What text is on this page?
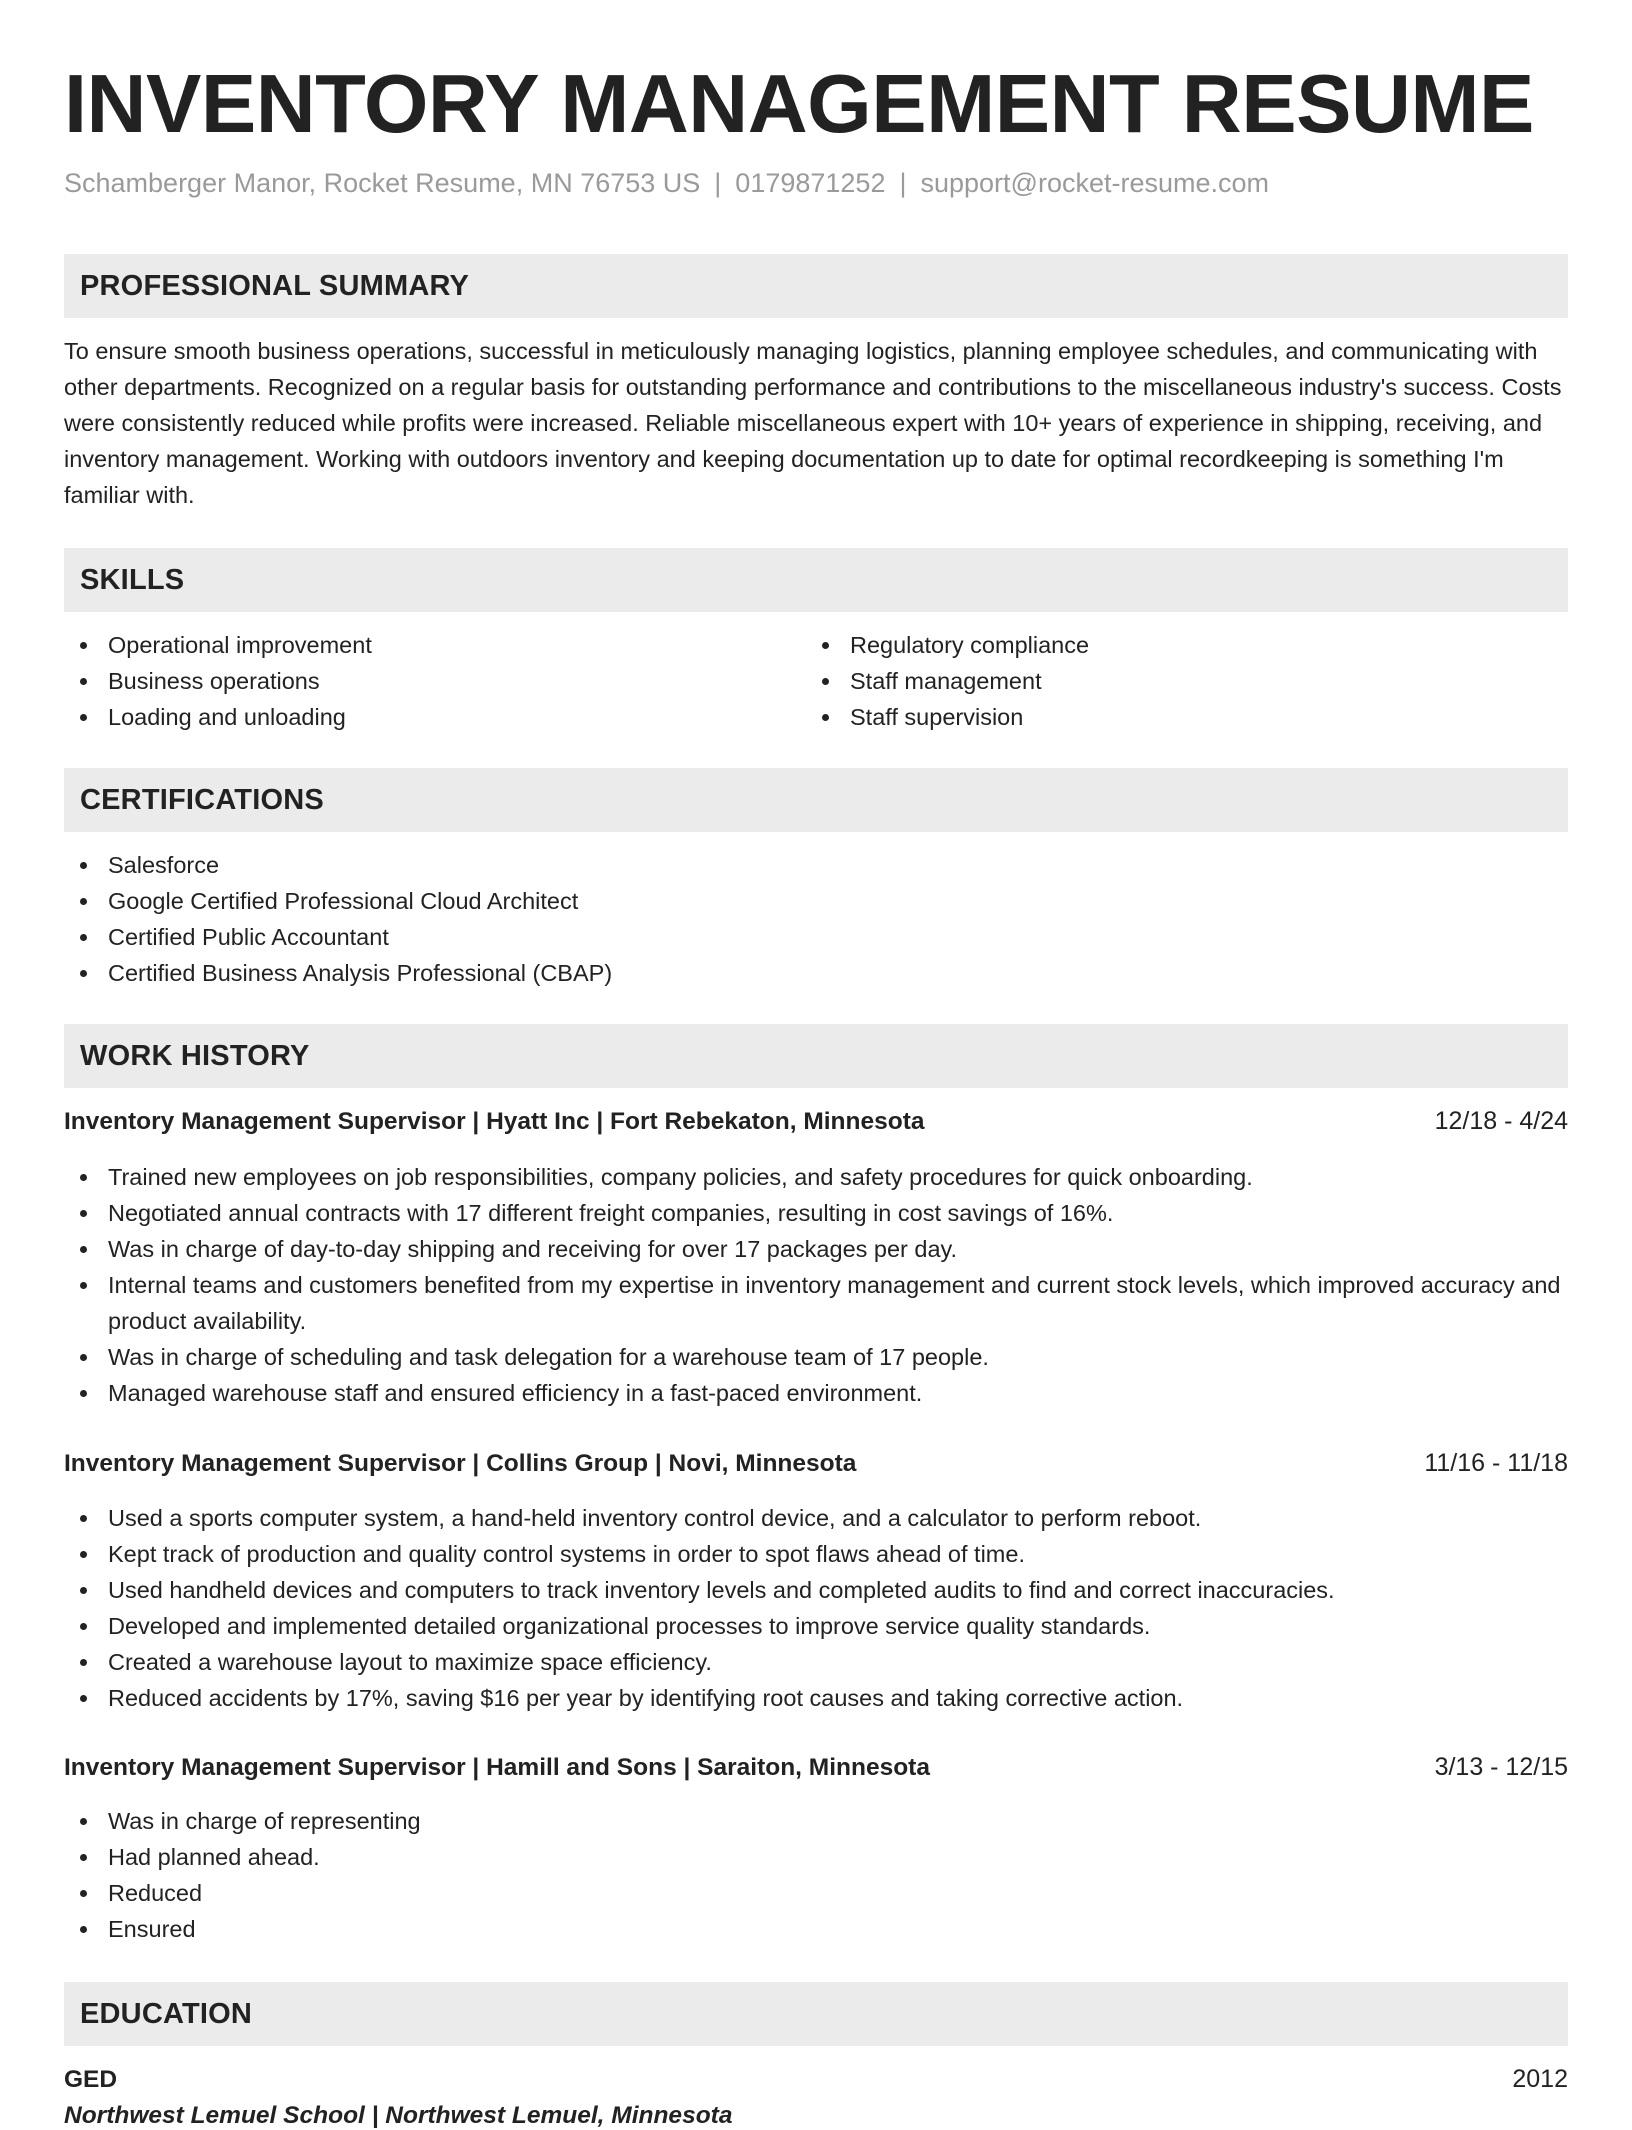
INVENTORY MANAGEMENT RESUME
Schamberger Manor, Rocket Resume, MN 76753 US | 0179871252 | support@rocket-resume.com
PROFESSIONAL SUMMARY
To ensure smooth business operations, successful in meticulously managing logistics, planning employee schedules, and communicating with other departments. Recognized on a regular basis for outstanding performance and contributions to the miscellaneous industry's success. Costs were consistently reduced while profits were increased. Reliable miscellaneous expert with 10+ years of experience in shipping, receiving, and inventory management. Working with outdoors inventory and keeping documentation up to date for optimal recordkeeping is something I'm familiar with.
SKILLS
Operational improvement
Business operations
Loading and unloading
Regulatory compliance
Staff management
Staff supervision
CERTIFICATIONS
Salesforce
Google Certified Professional Cloud Architect
Certified Public Accountant
Certified Business Analysis Professional (CBAP)
WORK HISTORY
Inventory Management Supervisor | Hyatt Inc | Fort Rebekaton, Minnesota	12/18 - 4/24
Trained new employees on job responsibilities, company policies, and safety procedures for quick onboarding.
Negotiated annual contracts with 17 different freight companies, resulting in cost savings of 16%.
Was in charge of day-to-day shipping and receiving for over 17 packages per day.
Internal teams and customers benefited from my expertise in inventory management and current stock levels, which improved accuracy and product availability.
Was in charge of scheduling and task delegation for a warehouse team of 17 people.
Managed warehouse staff and ensured efficiency in a fast-paced environment.
Inventory Management Supervisor | Collins Group | Novi, Minnesota	11/16 - 11/18
Used a sports computer system, a hand-held inventory control device, and a calculator to perform reboot.
Kept track of production and quality control systems in order to spot flaws ahead of time.
Used handheld devices and computers to track inventory levels and completed audits to find and correct inaccuracies.
Developed and implemented detailed organizational processes to improve service quality standards.
Created a warehouse layout to maximize space efficiency.
Reduced accidents by 17%, saving $16 per year by identifying root causes and taking corrective action.
Inventory Management Supervisor | Hamill and Sons | Saraiton, Minnesota	3/13 - 12/15
Was in charge of representing
Had planned ahead.
Reduced
Ensured
EDUCATION
GED	2012
Northwest Lemuel School | Northwest Lemuel, Minnesota
